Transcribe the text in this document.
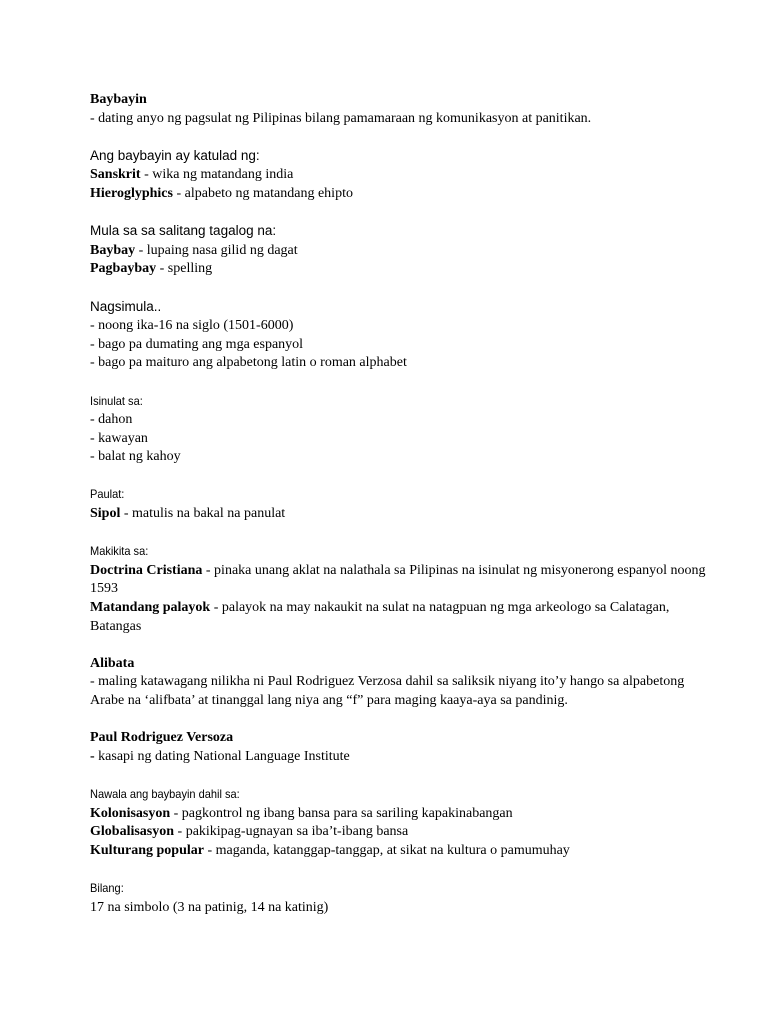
Baybayin
- dating anyo ng pagsulat ng Pilipinas bilang pamamaraan ng komunikasyon at panitikan.
Ang baybayin ay katulad ng:
Sanskrit - wika ng matandang india
Hieroglyphics - alpabeto ng matandang ehipto
Mula sa sa salitang tagalog na:
Baybay - lupaing nasa gilid ng dagat
Pagbaybay - spelling
Nagsimula..
- noong ika-16 na siglo (1501-6000)
- bago pa dumating ang mga espanyol
- bago pa maituro ang alpabetong latin o roman alphabet
Isinulat sa:
- dahon
- kawayan
- balat ng kahoy
Paulat:
Sipol - matulis na bakal na panulat
Makikita sa:
Doctrina Cristiana - pinaka unang aklat na nalathala sa Pilipinas na isinulat ng misyonerong espanyol noong 1593
Matandang palayok - palayok na may nakaukit na sulat na natagpuan ng mga arkeologo sa Calatagan, Batangas
Alibata
- maling katawagang nilikha ni Paul Rodriguez Verzosa dahil sa saliksik niyang ito’y hango sa alpabetong Arabe na ‘alifbata’ at tinanggal lang niya ang “f” para maging kaaya-aya sa pandinig.
Paul Rodriguez Versoza
- kasapi ng dating National Language Institute
Nawala ang baybayin dahil sa:
Kolonisasyon - pagkontrol ng ibang bansa para sa sariling kapakinabangan
Globalisasyon - pakikipag-ugnayan sa iba’t-ibang bansa
Kulturang popular - maganda, katanggap-tanggap, at sikat na kultura o pamumuhay
Bilang:
17 na simbolo (3 na patinig, 14 na katinig)
